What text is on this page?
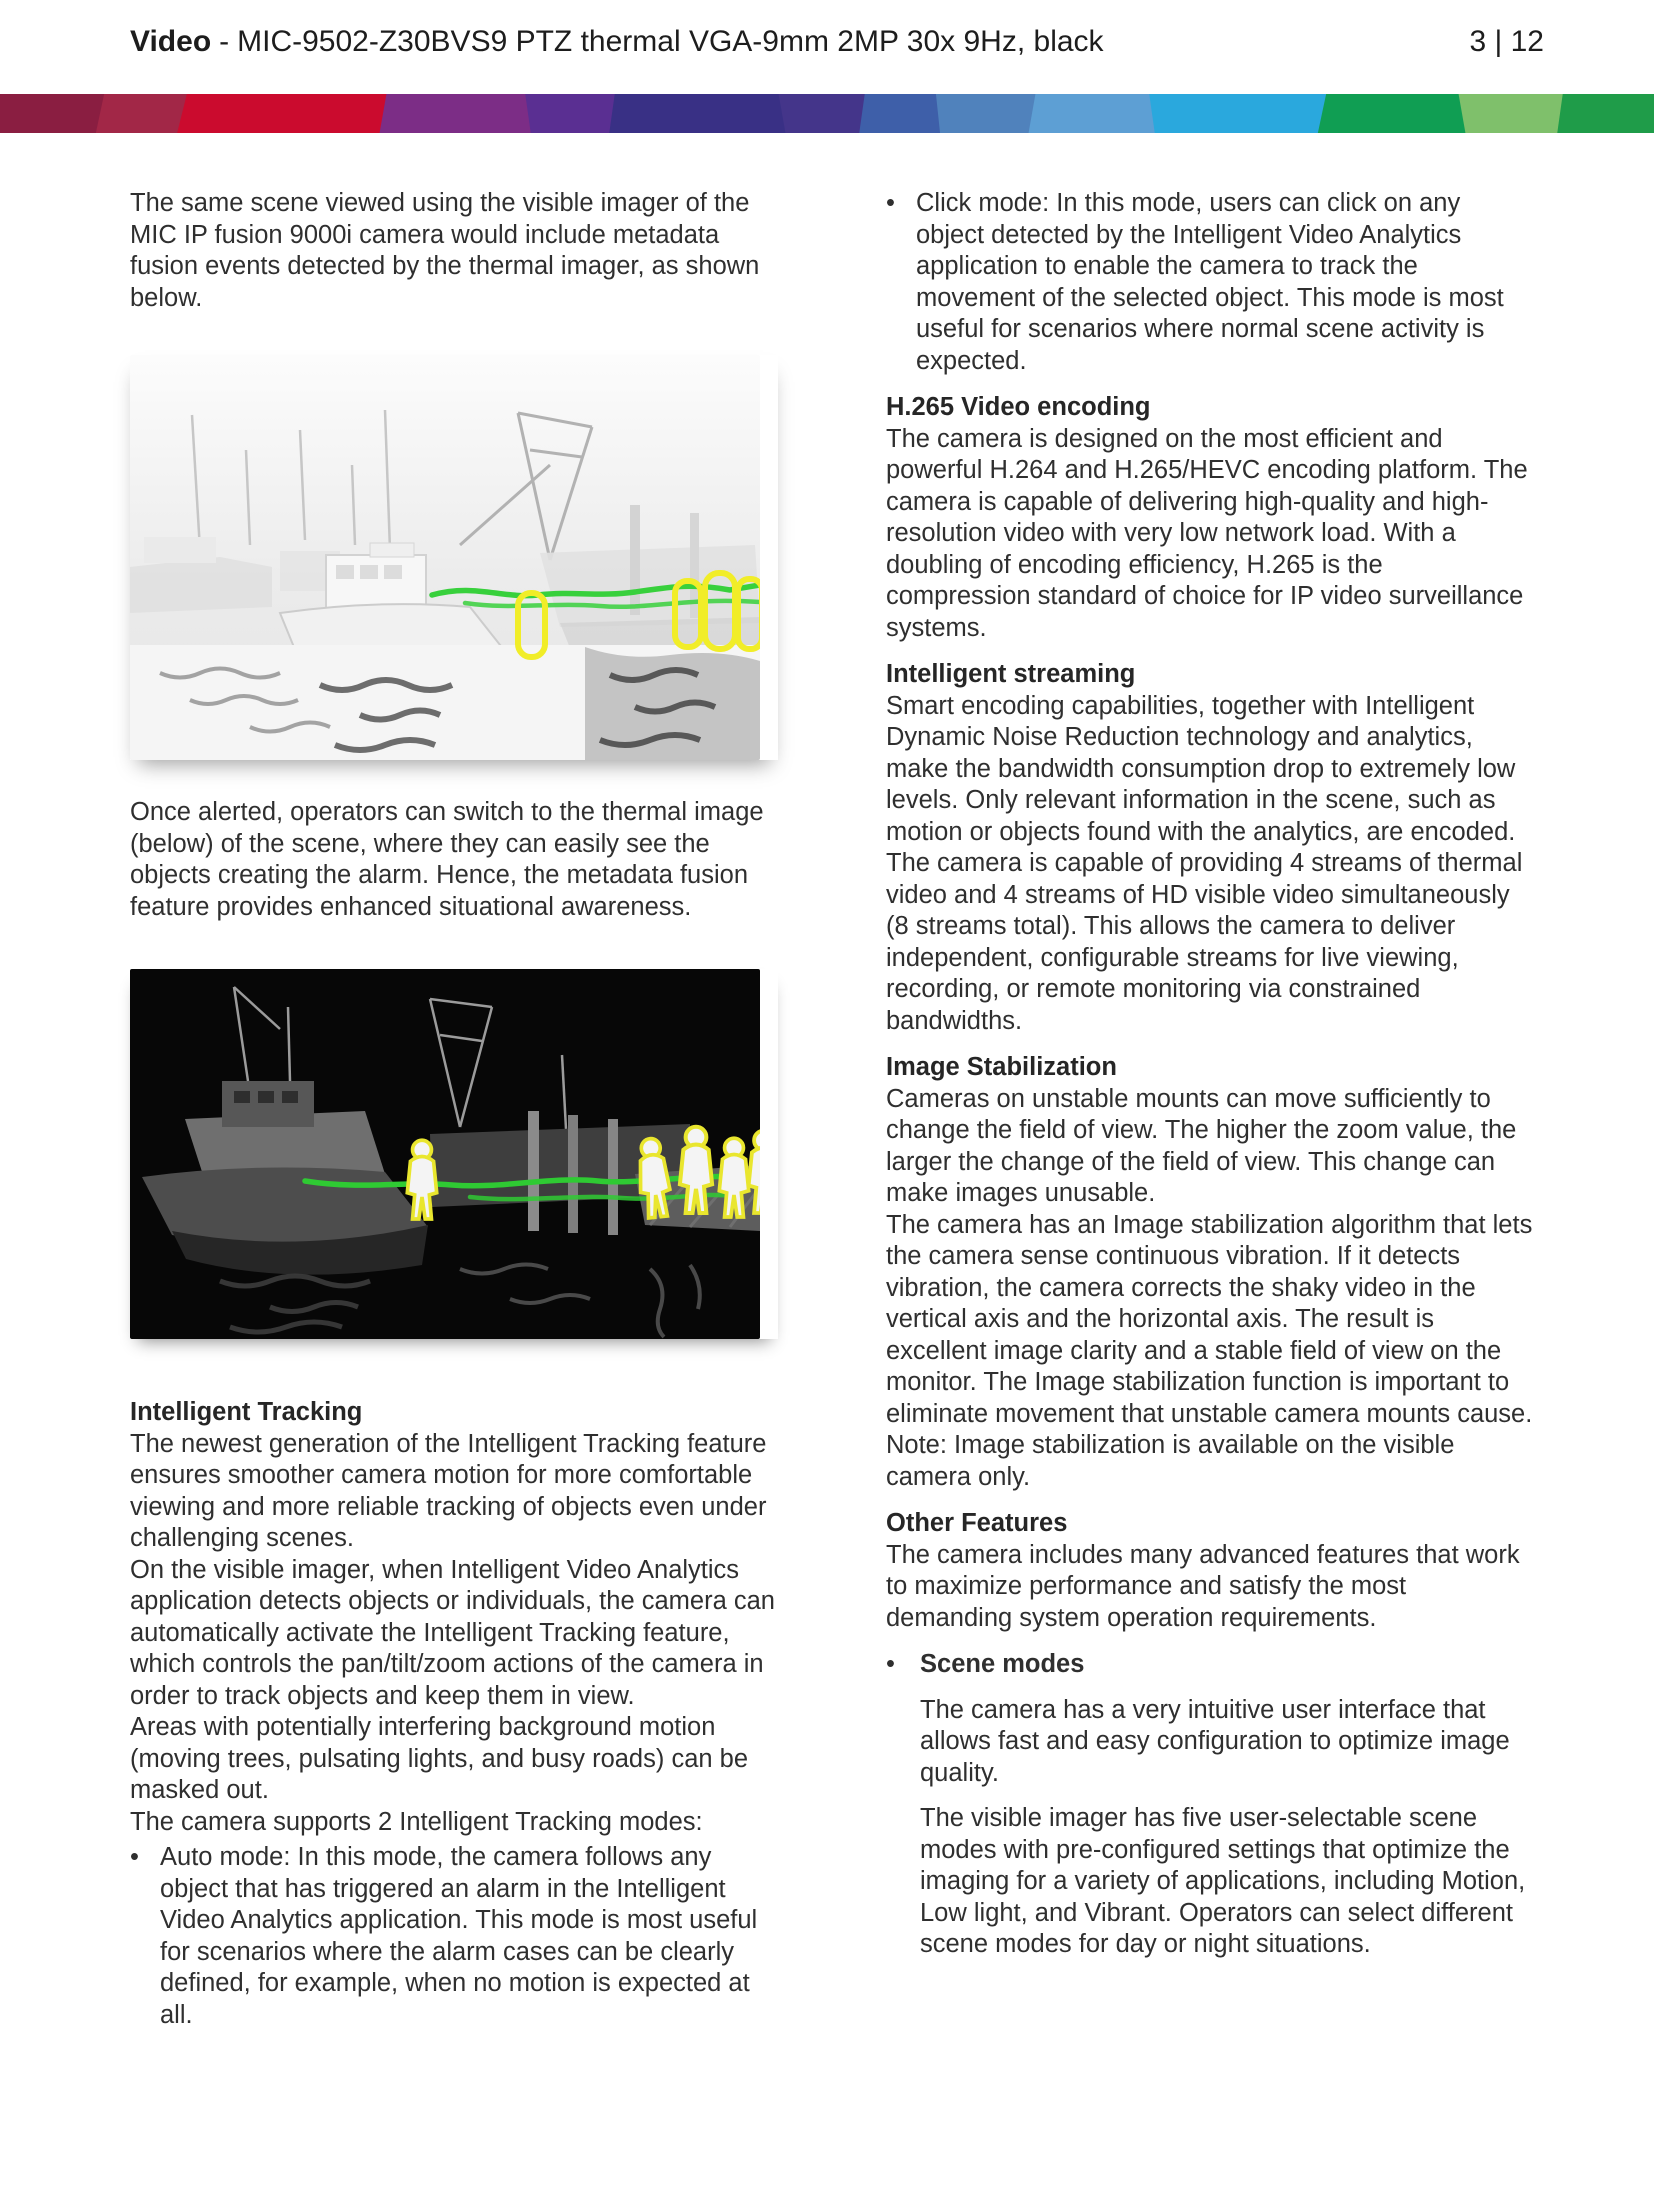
Video - MIC-9502-Z30BVS9 PTZ thermal VGA-9mm 2MP 30x 9Hz, black	3 | 12

The same scene viewed using the visible imager of the MIC IP fusion 9000i camera would include metadata fusion events detected by the thermal imager, as shown below.

Once alerted, operators can switch to the thermal image (below) of the scene, where they can easily see the objects creating the alarm. Hence, the metadata fusion feature provides enhanced situational awareness.

Intelligent Tracking

The newest generation of the Intelligent Tracking feature ensures smoother camera motion for more comfortable viewing and more reliable tracking of objects even under challenging scenes.

On the visible imager, when Intelligent Video Analytics application detects objects or individuals, the camera can automatically activate the Intelligent Tracking feature, which controls the pan/tilt/zoom actions of the camera in order to track objects and keep them in view.

Areas with potentially interfering background motion (moving trees, pulsating lights, and busy roads) can be masked out.

The camera supports 2 Intelligent Tracking modes:

• Auto mode: In this mode, the camera follows any object that has triggered an alarm in the Intelligent Video Analytics application. This mode is most useful for scenarios where the alarm cases can be clearly defined, for example, when no motion is expected at all.
• Click mode: In this mode, users can click on any object detected by the Intelligent Video Analytics application to enable the camera to track the movement of the selected object. This mode is most useful for scenarios where normal scene activity is expected.
H.265 Video encoding

The camera is designed on the most efficient and powerful H.264 and H.265/HEVC encoding platform. The camera is capable of delivering high-quality and high-resolution video with very low network load. With a doubling of encoding efficiency, H.265 is the compression standard of choice for IP video surveillance systems.

Intelligent streaming

Smart encoding capabilities, together with Intelligent Dynamic Noise Reduction technology and analytics, make the bandwidth consumption drop to extremely low levels. Only relevant information in the scene, such as motion or objects found with the analytics, are encoded.

The camera is capable of providing 4 streams of thermal video and 4 streams of HD visible video simultaneously (8 streams total). This allows the camera to deliver independent, configurable streams for live viewing, recording, or remote monitoring via constrained bandwidths.

Image Stabilization

Cameras on unstable mounts can move sufficiently to change the field of view. The higher the zoom value, the larger the change of the field of view. This change can make images unusable.

The camera has an Image stabilization algorithm that lets the camera sense continuous vibration. If it detects vibration, the camera corrects the shaky video in the vertical axis and the horizontal axis. The result is excellent image clarity and a stable field of view on the monitor. The Image stabilization function is important to eliminate movement that unstable camera mounts cause.

Note: Image stabilization is available on the visible camera only.

Other Features

The camera includes many advanced features that work to maximize performance and satisfy the most demanding system operation requirements.

• Scene modes

The camera has a very intuitive user interface that allows fast and easy configuration to optimize image quality.

The visible imager has five user-selectable scene modes with pre-configured settings that optimize the imaging for a variety of applications, including Motion, Low light, and Vibrant. Operators can select different scene modes for day or night situations.
